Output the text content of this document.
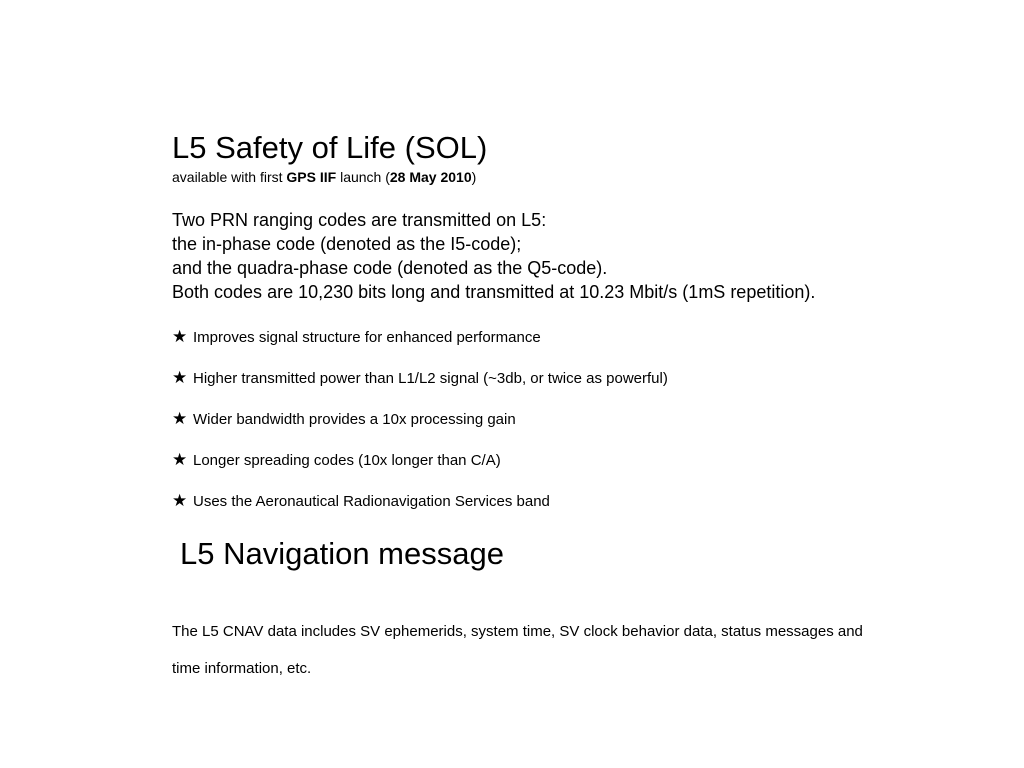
L5 Safety of Life (SOL)
available with first GPS IIF launch (28 May 2010)
Two PRN ranging codes are transmitted on L5:
the in-phase code (denoted as the I5-code);
and the quadra-phase code (denoted as the Q5-code).
Both codes are 10,230 bits long and transmitted at 10.23 Mbit/s (1mS repetition).
★ Improves signal structure for enhanced performance
★ Higher transmitted power than L1/L2 signal (~3db, or twice as powerful)
★ Wider bandwidth provides a 10x processing gain
★ Longer spreading codes (10x longer than C/A)
★ Uses the Aeronautical Radionavigation Services band
L5 Navigation message
The L5 CNAV data includes SV ephemerids, system time, SV clock behavior data, status messages and time information, etc.
